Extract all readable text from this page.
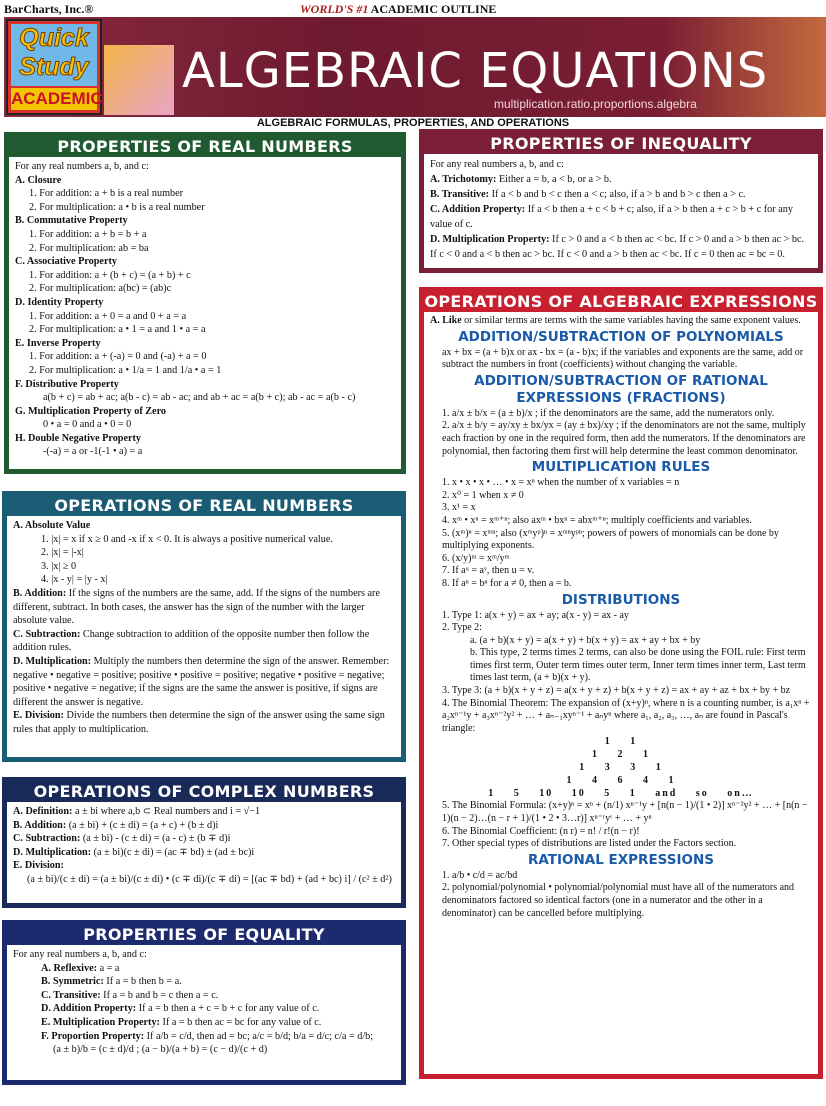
BarCharts, Inc.®	WORLD'S #1 ACADEMIC OUTLINE
Quick Study
ACADEMIC ALGEBRAIC EQUATIONS
multiplication.ratio.proportions.algebra
ALGEBRAIC FORMULAS, PROPERTIES, AND OPERATIONS
PROPERTIES OF REAL NUMBERS
For any real numbers a, b, and c:
A. Closure
1. For addition: a + b is a real number
2. For multiplication: a • b is a real number
B. Commutative Property
1. For addition: a + b = b + a
2. For multiplication: ab = ba
C. Associative Property
1. For addition: a + (b + c) = (a + b) + c
2. For multiplication: a(bc) = (ab)c
D. Identity Property
1. For addition: a + 0 = a and 0 + a = a
2. For multiplication: a • 1 = a and 1 • a = a
E. Inverse Property
1. For addition: a + (-a) = 0 and (-a) + a = 0
2. For multiplication: a • 1/a = 1 and 1/a • a = 1
F. Distributive Property
a(b + c) = ab + ac; a(b - c) = ab - ac; and ab + ac = a(b + c); ab - ac = a(b - c)
G. Multiplication Property of Zero
0 • a = 0 and a • 0 = 0
H. Double Negative Property
-(-a) = a or -1(-1 • a) = a
OPERATIONS OF REAL NUMBERS
A. Absolute Value
1. |x| = x if x ≥ 0 and -x if x < 0. It is always a positive numerical value.
2. |x| = |-x|
3. |x| ≥ 0
4. |x - y| = |y - x|
B. Addition: If the signs of the numbers are the same, add. If the signs of the numbers are different, subtract. In both cases, the answer has the sign of the number with the larger absolute value.
C. Subtraction: Change subtraction to addition of the opposite number then follow the addition rules.
D. Multiplication: Multiply the numbers then determine the sign of the answer. Remember: negative • negative = positive; positive • positive = positive; negative • positive = negative; positive • negative = negative; if the signs are the same the answer is positive, if signs are different the answer is negative.
E. Division: Divide the numbers then determine the sign of the answer using the same sign rules that apply to multiplication.
OPERATIONS OF COMPLEX NUMBERS
A. Definition: a ± bi where a,b ⊂ Real numbers and i = √−1
B. Addition: (a ± bi) + (c ± di) = (a + c) + (b ± d)i
C. Subtraction: (a ± bi) - (c ± di) = (a - c) ± (b ∓ d)i
D. Multiplication: (a ± bi)(c ± di) = (ac ∓ bd) ± (ad ± bc)i
E. Division:
(a ± bi)/(c ± di) = (a ± bi)/(c ± di) • (c ∓ di)/(c ∓ di) = [(ac ∓ bd) + (ad + bc) i] / (c² ± d²)
PROPERTIES OF EQUALITY
For any real numbers a, b, and c:
A. Reflexive: a = a
B. Symmetric: If a = b then b = a.
C. Transitive: If a = b and b = c then a = c.
D. Addition Property: If a = b then a + c = b + c for any value of c.
E. Multiplication Property: If a = b then ac = bc for any value of c.
F. Proportion Property: If a/b = c/d, then ad = bc; a/c = b/d; b/a = d/c; c/a = d/b;
(a ± b)/b = (c ± d)/d ; (a − b)/(a + b) = (c − d)/(c + d)
PROPERTIES OF INEQUALITY
For any real numbers a, b, and c:
A. Trichotomy: Either a = b, a < b, or a > b.
B. Transitive: If a < b and b < c then a < c; also, if a > b and b > c then a > c.
C. Addition Property: If a < b then a + c < b + c; also, if a > b then a + c > b + c for any value of c.
D. Multiplication Property: If c > 0 and a < b then ac < bc. If c > 0 and a > b then ac > bc. If c < 0 and a < b then ac > bc. If c < 0 and a > b then ac < bc. If c = 0 then ac = bc = 0.
OPERATIONS OF ALGEBRAIC EXPRESSIONS
A. Like or similar terms are terms with the same variables having the same exponent values.
ADDITION/SUBTRACTION OF POLYNOMIALS
ax + bx = (a + b)x or ax - bx = (a - b)x; if the variables and exponents are the same, add or subtract the numbers in front (coefficients) without changing the variable.
ADDITION/SUBTRACTION OF RATIONAL EXPRESSIONS (FRACTIONS)
1. a/x ± b/x = (a ± b)/x ; if the denominators are the same, add the numerators only.
2. a/x ± b/y = ay/xy ± bx/yx = (ay ± bx)/xy ; if the denominators are not the same, multiply each fraction by one in the required form, then add the numerators. If the denominators are polynomial, then factoring them first will help determine the least common denominator.
MULTIPLICATION RULES
1. x • x • x • … • x = xⁿ when the number of x variables = n
2. x⁰ = 1 when x ≠ 0
3. x¹ = x
4. xᵐ • xⁿ = xᵐ⁺ⁿ; also axᵐ • bxⁿ = abxᵐ⁺ⁿ; multiply coefficients and variables.
5. (xᵐ)ⁿ = xᵐⁿ; also (xᵐyᵖ)ⁿ = xᵐⁿyᵖⁿ; powers of powers of monomials can be done by multiplying exponents.
6. (x/y)ᵐ = xᵐ/yᵐ
7. If aᵘ = aᵛ, then u = v.
8. If aⁿ = bⁿ for a ≠ 0, then a = b.
DISTRIBUTIONS
1. Type 1: a(x + y) = ax + ay; a(x - y) = ax - ay
2. Type 2:
a. (a + b)(x + y) = a(x + y) + b(x + y) = ax + ay + bx + by
b. This type, 2 terms times 2 terms, can also be done using the FOIL rule: First term times first term, Outer term times outer term, Inner term times inner term, Last term times last term, (a + b)(x + y).
3. Type 3: (a + b)(x + y + z) = a(x + y + z) + b(x + y + z) = ax + ay + az + bx + by + bz
4. The Binomial Theorem: The expansion of (x+y)ⁿ, where n is a counting number, is a₁xⁿ + a₂xⁿ⁻¹y + a₃xⁿ⁻²y² + … + aₙ₋₁xyⁿ⁻¹ + aₙyⁿ where a₁, a₂, a₃, …, aₙ are found in Pascal's triangle:
1 1
1 2 1
1 3 3 1
1 4 6 4 1
1 5 10 10 5 1 and so on…
5. The Binomial Formula: (x+y)ⁿ = xⁿ + (n/1) xⁿ⁻¹y + [n(n − 1)/(1 • 2)] xⁿ⁻²y² + … + [n(n − 1)(n − 2)…(n − r + 1)/(1 • 2 • 3…r)] xⁿ⁻ʳyʳ + … + yⁿ
6. The Binomial Coefficient: (n r) = n! / r!(n − r)!
7. Other special types of distributions are listed under the Factors section.
RATIONAL EXPRESSIONS
1. a/b • c/d = ac/bd
2. polynomial/polynomial • polynomial/polynomial must have all of the numerators and denominators factored so identical factors (one in a numerator and the other in a denominator) can be cancelled before multiplying.
